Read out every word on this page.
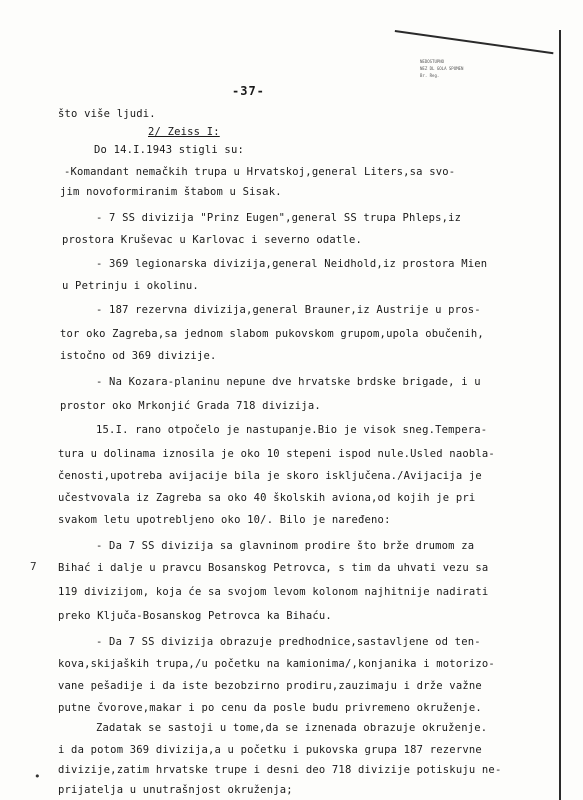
NEDOSTUPNO
NEZ DL GOLA SPOMEN
Br. Reg.
-37-
što više ljudi.
2/ Zeiss I:
Do 14.I.1943 stigli su:
-Komandant nemačkih trupa u Hrvatskoj,general Liters,sa svo-
jim novoformiranim štabom u Sisak.
- 7 SS divizija "Prinz Eugen",general SS trupa Phleps,iz
prostora Kruševac u Karlovac i severno odatle.
- 369 legionarska divizija,general Neidhold,iz prostora Mien
u Petrinju i okolinu.
- 187 rezervna divizija,general Brauner,iz Austrije u pros-
tor oko Zagreba,sa jednom slabom pukovskom grupom,upola obučenih,
istočno od 369 divizije.
- Na Kozara-planinu nepune dve hrvatske brdske brigade, i u
prostor oko Mrkonjić Grada 718 divizija.
15.I. rano otpočelo je nastupanje.Bio je visok sneg.Tempera-
tura u dolinama iznosila je oko 10 stepeni ispod nule.Usled naobla-
čenosti,upotreba avijacije bila je skoro isključena./Avijacija je
učestvovala iz Zagreba sa oko 40 školskih aviona,od kojih je pri
svakom letu upotrebljeno oko 10/. Bilo je naređeno:
- Da 7 SS divizija sa glavninom prodire što brže drumom za
Bihać i dalje u pravcu Bosanskog Petrovca, s tim da uhvati vezu sa
119 divizijom, koja će sa svojom levom kolonom najhitnije nadirati
preko Ključa-Bosanskog Petrovca ka Bihaću.
- Da 7 SS divizija obrazuje predhodnice,sastavljene od ten-
kova,skijaških trupa,/u početku na kamionima/,konjanika i motorizo-
vane pešadije i da iste bezobzirno prodiru,zauzimaju i drže važne
putne čvorove,makar i po cenu da posle budu privremeno okruženje.
Zadatak se sastoji u tome,da se iznenada obrazuje okruženje.
i da potom 369 divizija,a u početku i pukovska grupa 187 rezervne
divizije,zatim hrvatske trupe i desni deo 718 divizije potiskuju ne-
prijatelja u unutrašnjost okruženja;
7
•
